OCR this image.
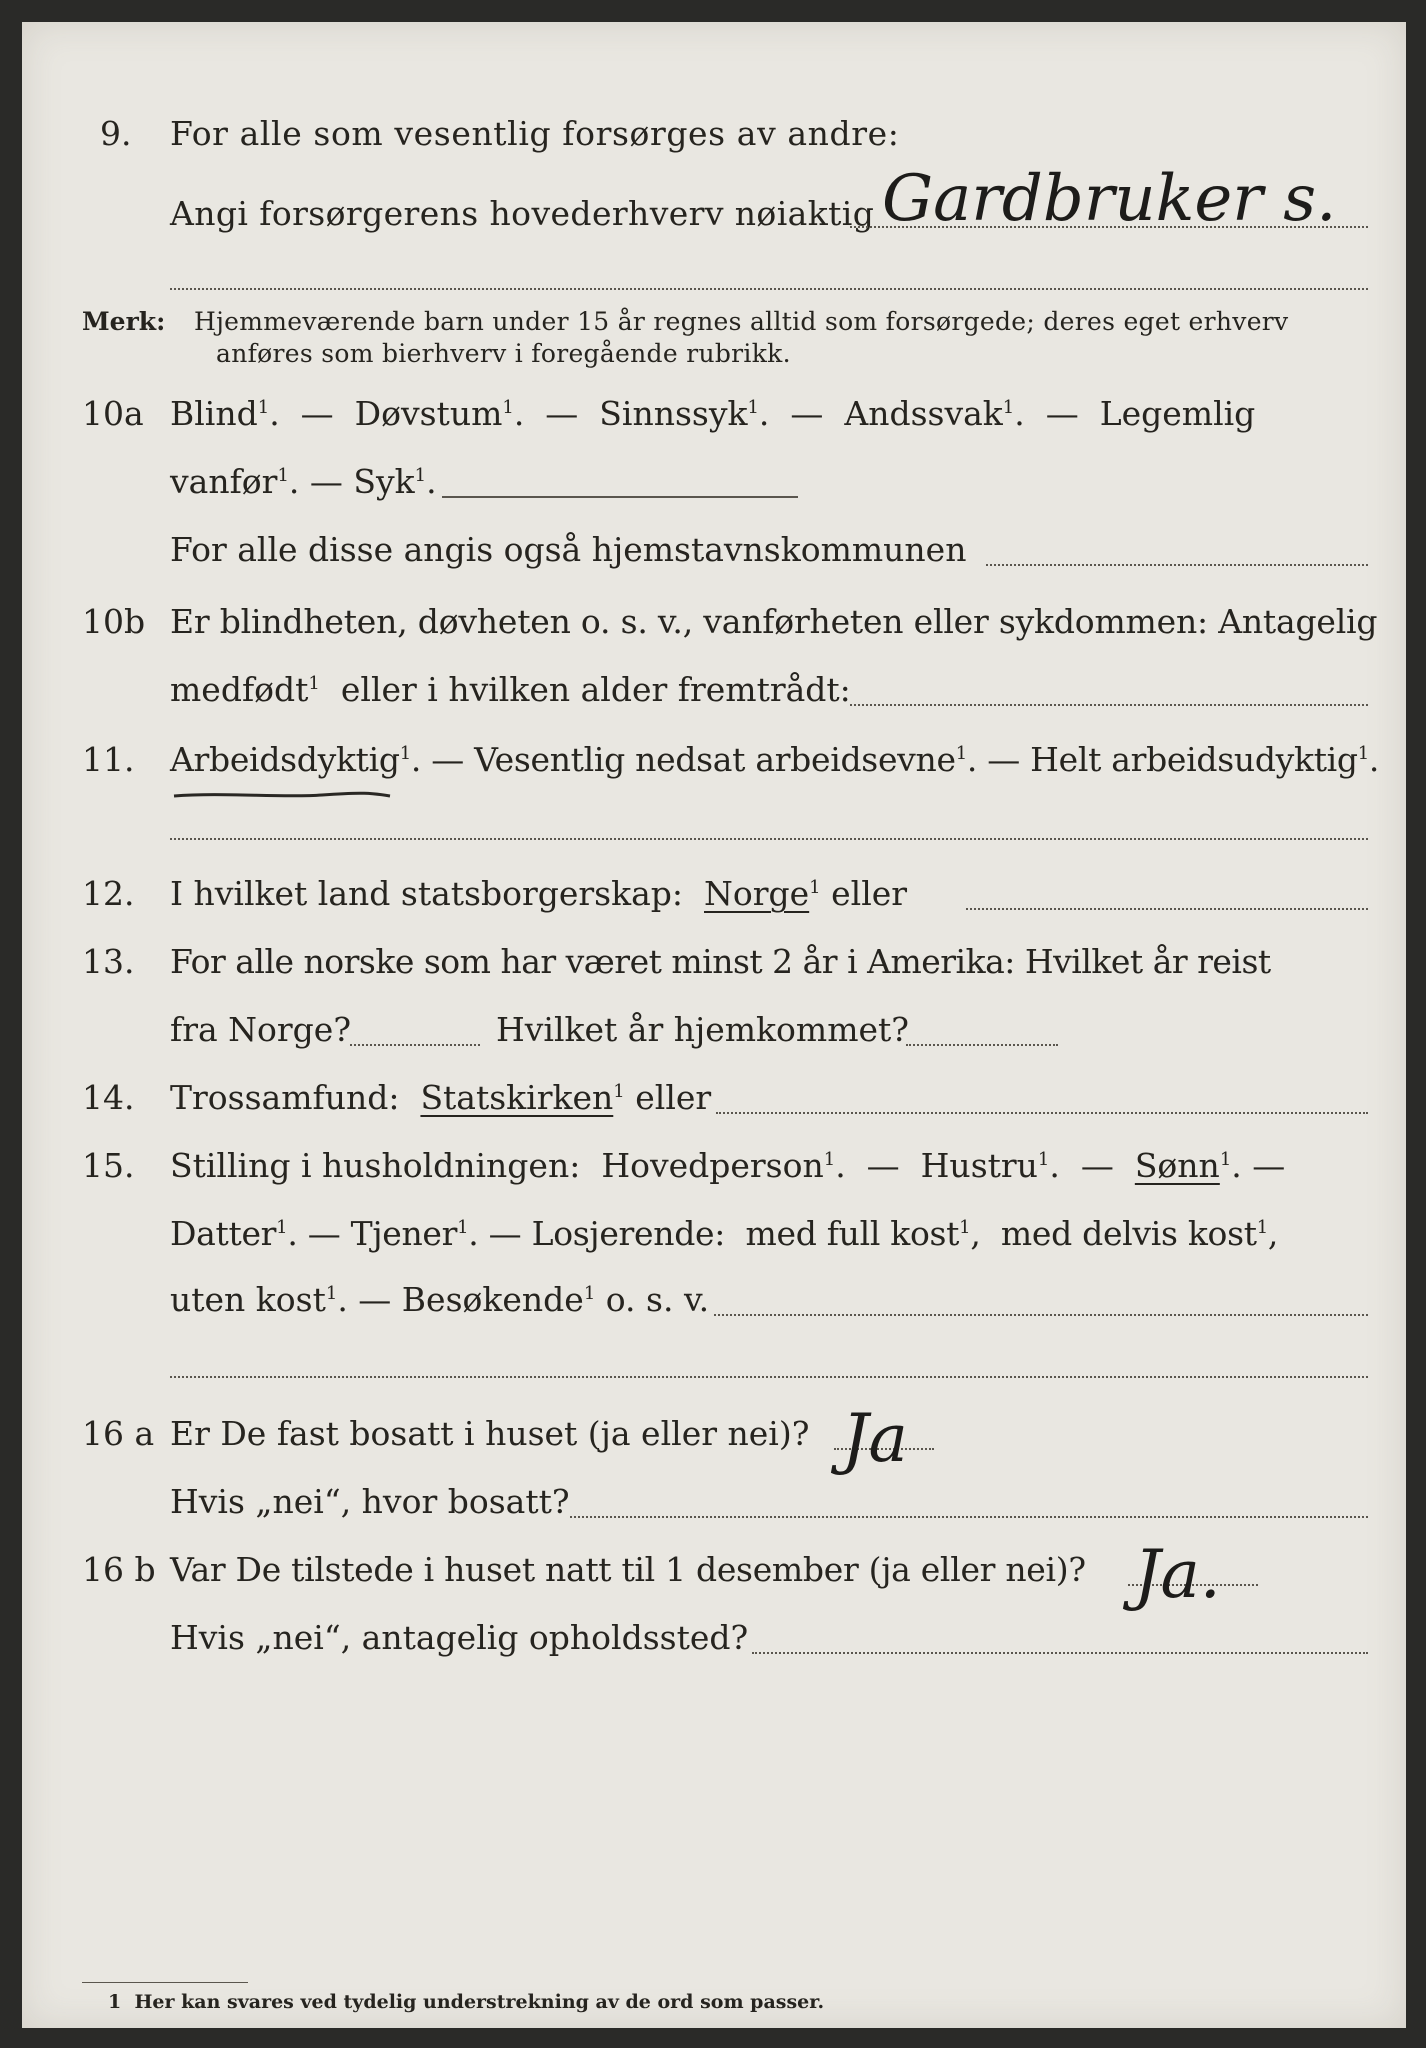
9. For alle som vesentlig forsørges av andre:
Angi forsørgerens hovederhverv nøiaktig Gardbruker s.
Merk: Hjemmeværende barn under 15 år regnes alltid som forsørgede; deres eget erhverv
anføres som bierhverv i foregående rubrikk.
10a Blind$^1$.  —  Døvstum$^1$.  —  Sinnssyk$^1$.  —  Andssvak$^1$.  —  Legemlig
vanfør$^1$. — Syk$^1$.
For alle disse angis også hjemstavnskommunen
10b Er blindheten, døvheten o. s. v., vanførheten eller sykdommen: Antagelig
medfødt$^1$ eller i hvilken alder fremtrådt:
11. Arbeidsdyktig$^1$. — Vesentlig nedsat arbeidsevne$^1$. — Helt arbeidsudyktig$^1$.
12. I hvilket land statsborgerskap: Norge$^1$ eller
13. For alle norske som har været minst 2 år i Amerika: Hvilket år reist
fra Norge?	Hvilket år hjemkommet?
14. Trossamfund: Statskirken$^1$ eller
15. Stilling i husholdningen: Hovedperson$^1$.  —  Hustru$^1$.  —  Sønn$^1$. —
Datter$^1$. — Tjener$^1$. — Losjerende: med full kost$^1$,  med delvis kost$^1$,
uten kost$^1$. — Besøkende$^1$ o. s. v.
16 a Er De fast bosatt i huset (ja eller nei)? Ja
Hvis „nei“, hvor bosatt?
16 b Var De tilstede i huset natt til 1 desember (ja eller nei)? Ja.
Hvis „nei“, antagelig opholdssted?
1 Her kan svares ved tydelig understrekning av de ord som passer.
